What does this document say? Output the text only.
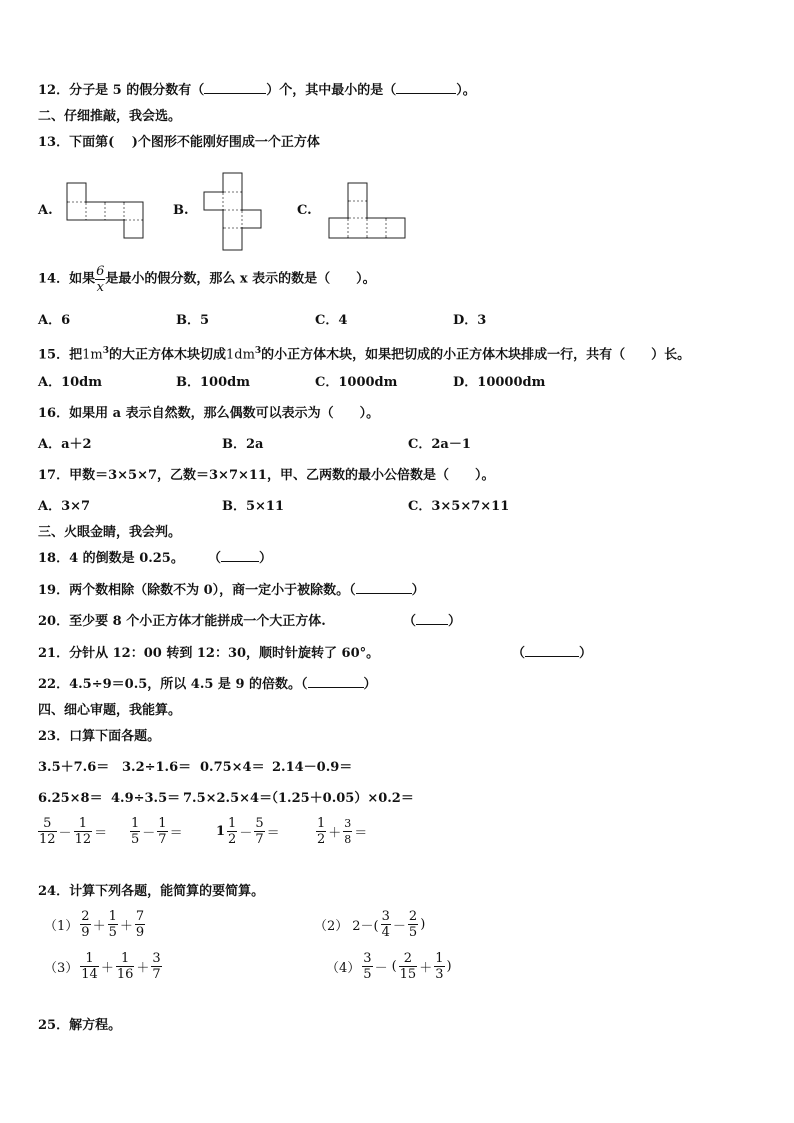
12．分子是 5 的假分数有（	）个，其中最小的是（	）。
二、仔细推敲，我会选。
13．下面第(　 )个图形不能刚好围成一个正方体
A.	B.	C.
14．如果 $\frac{6}{x}$ 是最小的假分数，那么 x 表示的数是（　　）。
A．6	B．5	C．4	D．3
15．把$1m^3$的大正方体木块切成$1dm^3$的小正方体木块，如果把切成的小正方体木块排成一行，共有（　　）长。
A．10dm	B．100dm	C．1000dm	D．10000dm
16．如果用 a 表示自然数，那么偶数可以表示为（　　）。
A．a＋2	B．2a	C．2a－1
17．甲数＝3×5×7，乙数＝3×7×11，甲、乙两数的最小公倍数是（　　）。
A．3×7	B．5×11	C．3×5×7×11
三、火眼金睛，我会判。
18．4 的倒数是 0.25。 （	）
19．两个数相除（除数不为 0），商一定小于被除数。（	）
20．至少要 8 个小正方体才能拼成一个大正方体.	（ ）
21．分针从 12：00 转到 12：30，顺时针旋转了 60°。	（	）
22．4.5÷9＝0.5，所以 4.5 是 9 的倍数。（	）
四、细心审题，我能算。
23．口算下面各题。
3.5＋7.6＝ 3.2÷1.6＝ 0.75×4＝ 2.14－0.9＝
6.25×8＝ 4.9÷3.5＝ 7.5×2.5×4＝
（1.25＋0.05）×0.2＝
$\frac{5}{12} - \frac{1}{12} = \frac{1}{5} - \frac{1}{7}$ ＝	$1 \frac{1}{2} - \frac{5}{7}$ ＝	$\frac{1}{2} + \frac{3}{8}$ ＝
24．计算下列各题，能简算的要简算。
$(1) \frac{2}{9} + \frac{1}{5} + \frac{7}{9}$	（2） $2-( \frac{3}{4} - \frac{2}{5}$ )
$(3) \frac{1}{14} + \frac{1}{16} + \frac{3}{7}$	$(4) \frac{3}{5}$ － ( $\frac{2}{15} + \frac{1}{3}$ )
25．解方程。
